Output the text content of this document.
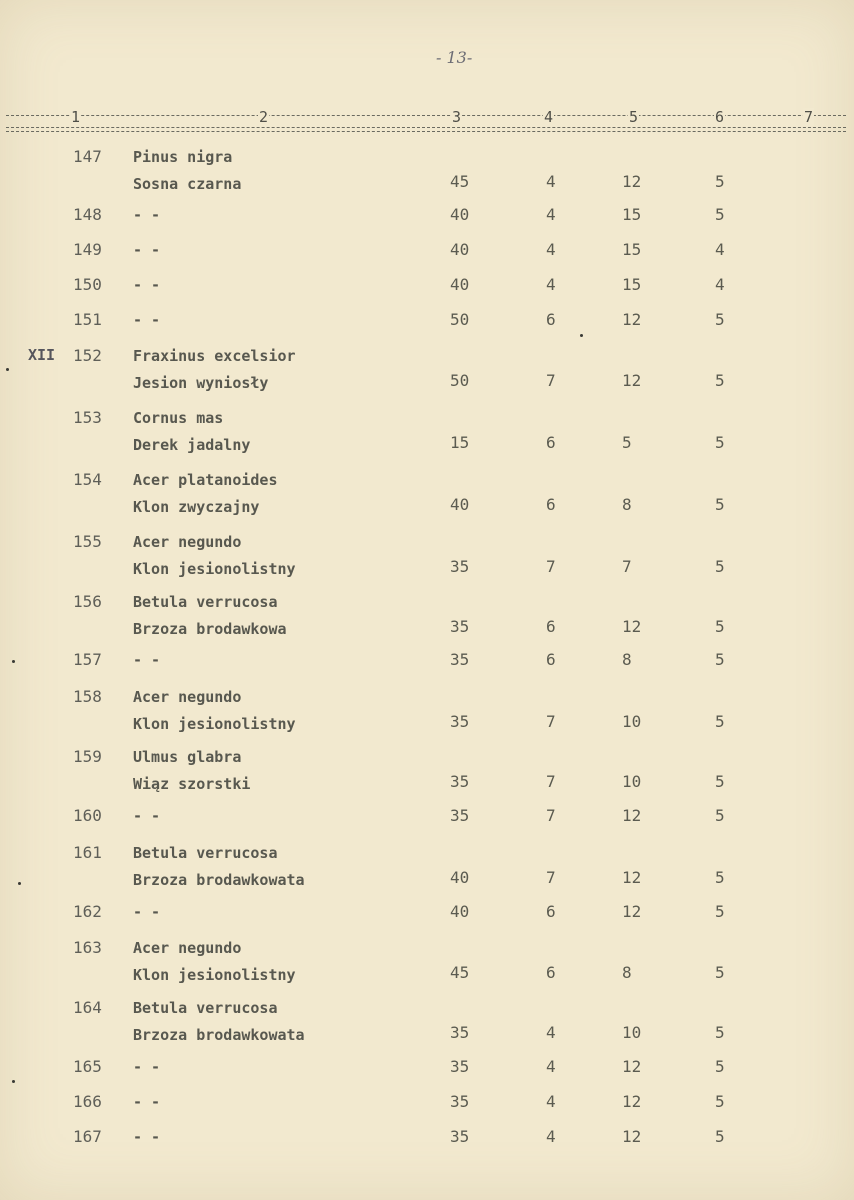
- 13-
1	2	3	4	5	6	7
147 Pinus nigra
Sosna czarna	45	4	12	5
148 - -	40	4	15	5
149 - -	40	4	15	4
150 - -	40	4	15	4
151 - -	50	6	12	5
XII 152 Fraxinus excelsior
Jesion wyniosły	50	7	12	5
153 Cornus mas
Derek jadalny	15	6	5	5
154 Acer platanoides
Klon zwyczajny	40	6	8	5
155 Acer negundo
Klon jesionolistny	35	7	7	5
156 Betula verrucosa
Brzoza brodawkowa	35	6	12	5
157 - -	35	6	8	5
158 Acer negundo
Klon jesionolistny	35	7	10	5
159 Ulmus glabra
Wiąz szorstki	35	7	10	5
160 - -	35	7	12	5
161 Betula verrucosa
Brzoza brodawkowata	40	7	12	5
162 - -	40	6	12	5
163 Acer negundo
Klon jesionolistny	45	6	8	5
164 Betula verrucosa
Brzoza brodawkowata	35	4	10	5
165 - -	35	4	12	5
166 - -	35	4	12	5
167 - -	35	4	12	5
